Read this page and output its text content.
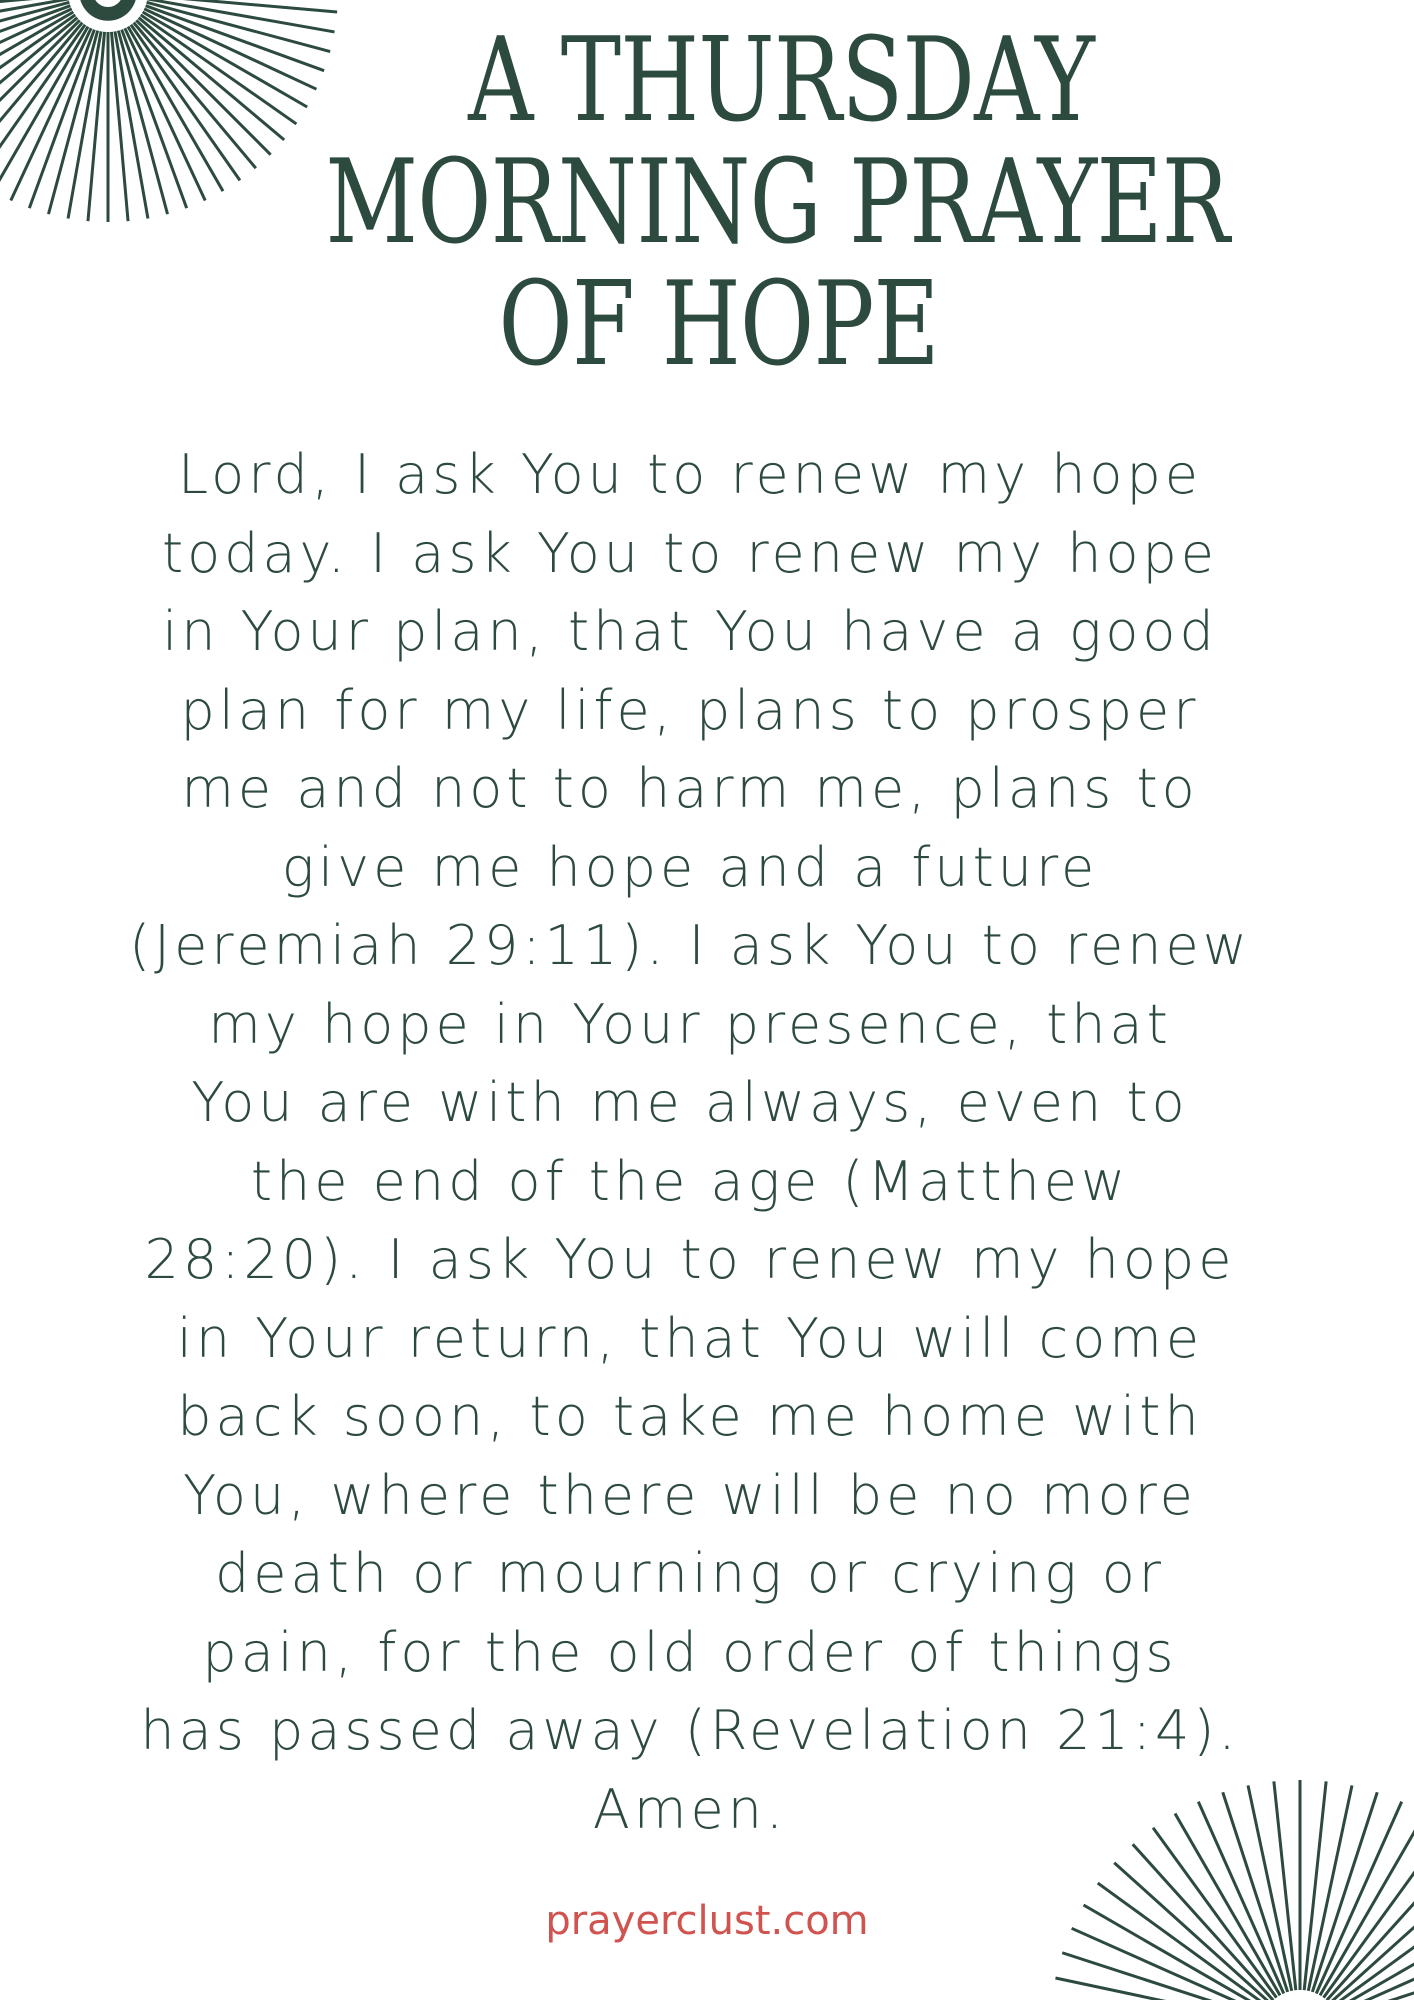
A THURSDAY
MORNING PRAYER
OF HOPE
Lord, I ask You to renew my hope
today. I ask You to renew my hope
in Your plan, that You have a good
plan for my life, plans to prosper
me and not to harm me, plans to
give me hope and a future
(Jeremiah 29:11). I ask You to renew
my hope in Your presence, that
You are with me always, even to
the end of the age (Matthew
28:20). I ask You to renew my hope
in Your return, that You will come
back soon, to take me home with
You, where there will be no more
death or mourning or crying or
pain, for the old order of things
has passed away (Revelation 21:4).
Amen.
prayerclust.com
